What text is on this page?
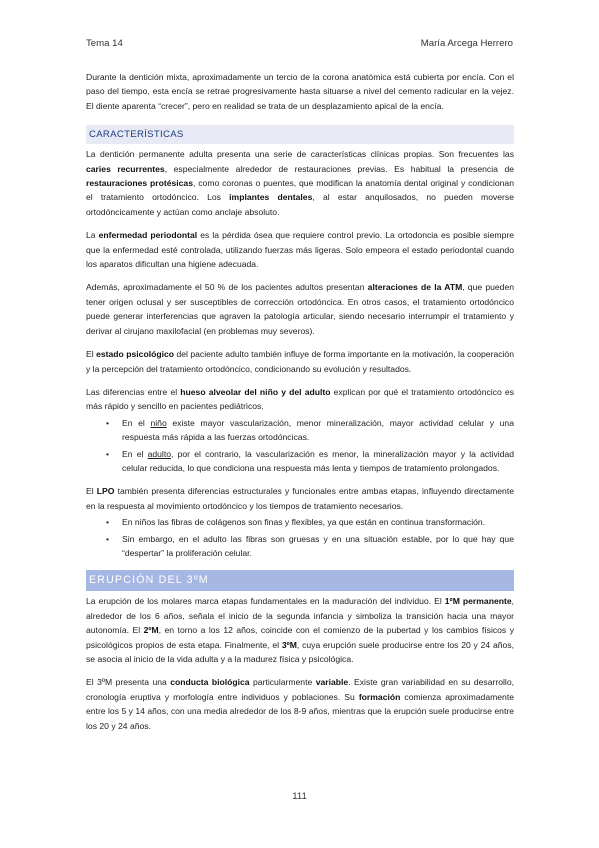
Tema 14	María Arcega Herrero

Durante la dentición mixta, aproximadamente un tercio de la corona anatómica está cubierta por encía. Con el paso del tiempo, esta encía se retrae progresivamente hasta situarse a nivel del cemento radicular en la vejez. El diente aparenta “crecer”, pero en realidad se trata de un desplazamiento apical de la encía.

CARACTERÍSTICAS

La dentición permanente adulta presenta una serie de características clínicas propias. Son frecuentes las caries recurrentes, especialmente alrededor de restauraciones previas. Es habitual la presencia de restauraciones protésicas, como coronas o puentes, que modifican la anatomía dental original y condicionan el tratamiento ortodóncico. Los implantes dentales, al estar anquilosados, no pueden moverse ortodóncicamente y actúan como anclaje absoluto.

La enfermedad periodontal es la pérdida ósea que requiere control previo. La ortodoncia es posible siempre que la enfermedad esté controlada, utilizando fuerzas más ligeras. Solo empeora el estado periodontal cuando los aparatos dificultan una higiene adecuada.

Además, aproximadamente el 50 % de los pacientes adultos presentan alteraciones de la ATM, que pueden tener origen oclusal y ser susceptibles de corrección ortodóncica. En otros casos, el tratamiento ortodóncico puede generar interferencias que agraven la patología articular, siendo necesario interrumpir el tratamiento y derivar al cirujano maxilofacial (en problemas muy severos).

El estado psicológico del paciente adulto también influye de forma importante en la motivación, la cooperación y la percepción del tratamiento ortodóncico, condicionando su evolución y resultados.

Las diferencias entre el hueso alveolar del niño y del adulto explican por qué el tratamiento ortodóncico es más rápido y sencillo en pacientes pediátricos.

• En el niño existe mayor vascularización, menor mineralización, mayor actividad celular y una respuesta más rápida a las fuerzas ortodóncicas.
• En el adulto, por el contrario, la vascularización es menor, la mineralización mayor y la actividad celular reducida, lo que condiciona una respuesta más lenta y tiempos de tratamiento prolongados.

El LPO también presenta diferencias estructurales y funcionales entre ambas etapas, influyendo directamente en la respuesta al movimiento ortodóncico y los tiempos de tratamiento necesarios.

• En niños las fibras de colágenos son finas y flexibles, ya que están en continua transformación.
• Sin embargo, en el adulto las fibras son gruesas y en una situación estable, por lo que hay que “despertar” la proliferación celular.
ERUPCIÓN DEL 3ºM

La erupción de los molares marca etapas fundamentales en la maduración del individuo. El 1ºM permanente, alrededor de los 6 años, señala el inicio de la segunda infancia y simboliza la transición hacia una mayor autonomía. El 2ºM, en torno a los 12 años, coincide con el comienzo de la pubertad y los cambios físicos y psicológicos propios de esta etapa. Finalmente, el 3ºM, cuya erupción suele producirse entre los 20 y 24 años, se asocia al inicio de la vida adulta y a la madurez física y psicológica.

El 3ºM presenta una conducta biológica particularmente variable. Existe gran variabilidad en su desarrollo, cronología eruptiva y morfología entre individuos y poblaciones. Su formación comienza aproximadamente entre los 5 y 14 años, con una media alrededor de los 8-9 años, mientras que la erupción suele producirse entre los 20 y 24 años.

111
